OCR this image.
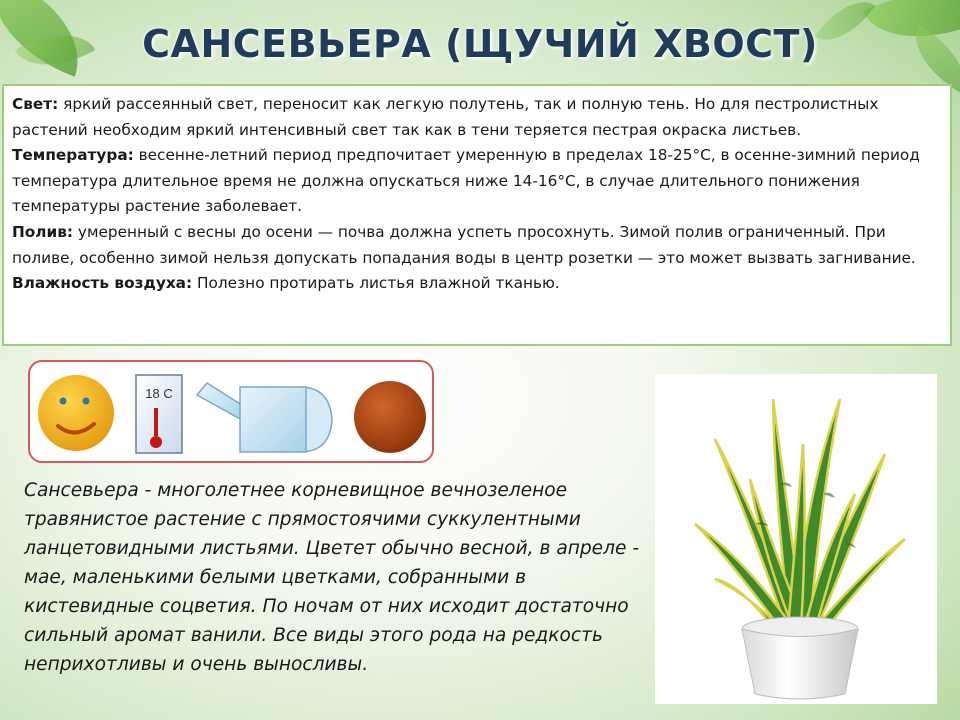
САНСЕВЬЕРА (ЩУЧИЙ ХВОСТ)

Свет: яркий рассеянный свет, переносит как легкую полутень, так и полную тень. Но для пестролистных растений необходим яркий интенсивный свет так как в тени теряется пестрая окраска листьев.

Температура: весенне-летний период предпочитает умеренную в пределах 18-25°С, в осенне-зимний период температура длительное время не должна опускаться ниже 14-16°С, в случае длительного понижения температуры растение заболевает.

Полив: умеренный с весны до осени — почва должна успеть просохнуть. Зимой полив ограниченный. При поливе, особенно зимой нельзя допускать попадания воды в центр розетки — это может вызвать загнивание.

Влажность воздуха: Полезно протирать листья влажной тканью.

18 С
Сансевьера - многолетнее корневищное вечнозеленое травянистое растение с прямостоячими суккулентными ланцетовидными листьями. Цветет обычно весной, в апреле - мае, маленькими белыми цветками, собранными в кистевидные соцветия. По ночам от них исходит достаточно сильный аромат ванили. Все виды этого рода на редкость неприхотливы и очень выносливы.
